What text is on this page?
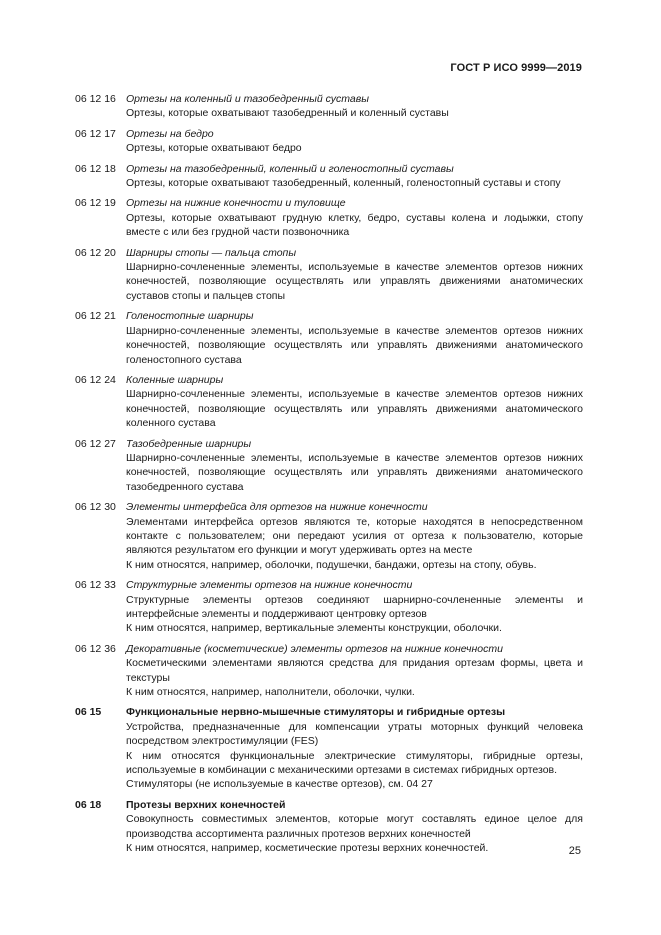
ГОСТ Р ИСО 9999—2019
06 12 16 Ортезы на коленный и тазобедренный суставы
Ортезы, которые охватывают тазобедренный и коленный суставы
06 12 17 Ортезы на бедро
Ортезы, которые охватывают бедро
06 12 18 Ортезы на тазобедренный, коленный и голеностопный суставы
Ортезы, которые охватывают тазобедренный, коленный, голеностопный суставы и стопу
06 12 19 Ортезы на нижние конечности и туловище
Ортезы, которые охватывают грудную клетку, бедро, суставы колена и лодыжки, стопу вместе с или без грудной части позвоночника
06 12 20 Шарниры стопы — пальца стопы
Шарнирно-сочлененные элементы, используемые в качестве элементов ортезов нижних конечностей, позволяющие осуществлять или управлять движениями анатомических суставов стопы и пальцев стопы
06 12 21 Голеностопные шарниры
Шарнирно-сочлененные элементы, используемые в качестве элементов ортезов нижних конечностей, позволяющие осуществлять или управлять движениями анатомического голеностопного сустава
06 12 24 Коленные шарниры
Шарнирно-сочлененные элементы, используемые в качестве элементов ортезов нижних конечностей, позволяющие осуществлять или управлять движениями анатомического коленного сустава
06 12 27 Тазобедренные шарниры
Шарнирно-сочлененные элементы, используемые в качестве элементов ортезов нижних конечностей, позволяющие осуществлять или управлять движениями анатомического тазобедренного сустава
06 12 30 Элементы интерфейса для ортезов на нижние конечности
Элементами интерфейса ортезов являются те, которые находятся в непосредственном контакте с пользователем; они передают усилия от ортеза к пользователю, которые являются результатом его функции и могут удерживать ортез на месте
К ним относятся, например, оболочки, подушечки, бандажи, ортезы на стопу, обувь.
06 12 33 Структурные элементы ортезов на нижние конечности
Структурные элементы ортезов соединяют шарнирно-сочлененные элементы и интерфейсные элементы и поддерживают центровку ортезов
К ним относятся, например, вертикальные элементы конструкции, оболочки.
06 12 36 Декоративные (косметические) элементы ортезов на нижние конечности
Косметическими элементами являются средства для придания ортезам формы, цвета и текстуры
К ним относятся, например, наполнители, оболочки, чулки.
06 15	Функциональные нервно-мышечные стимуляторы и гибридные ортезы
Устройства, предназначенные для компенсации утраты моторных функций человека посредством электростимуляции (FES)
К ним относятся функциональные электрические стимуляторы, гибридные ортезы, используемые в комбинации с механическими ортезами в системах гибридных ортезов.
Стимуляторы (не используемые в качестве ортезов), см. 04 27
06 18	Протезы верхних конечностей
Совокупность совместимых элементов, которые могут составлять единое целое для производства ассортимента различных протезов верхних конечностей
К ним относятся, например, косметические протезы верхних конечностей.	25
